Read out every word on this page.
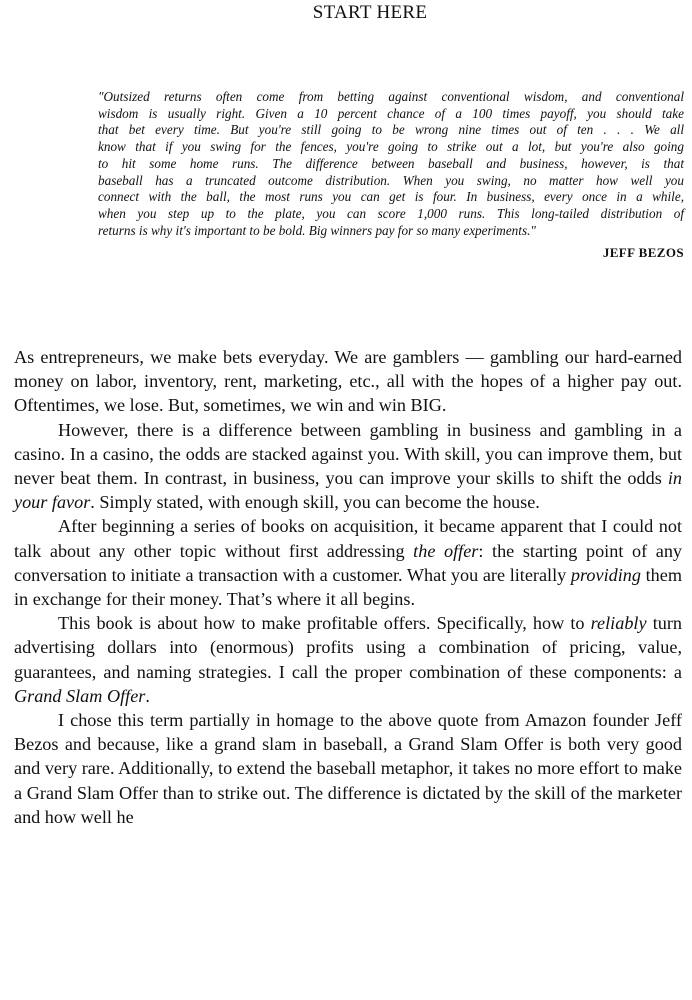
START HERE

"Outsized returns often come from betting against conventional wisdom, and conventional
wisdom is usually right. Given a 10 percent chance of a 100 times payoff, you should take
that bet every time. But you're still going to be wrong nine times out of ten . . . We all
know that if you swing for the fences, you're going to strike out a lot, but you're also going
to hit some home runs. The difference between baseball and business, however, is that
baseball has a truncated outcome distribution. When you swing, no matter how well you
connect with the ball, the most runs you can get is four. In business, every once in a while,
when you step up to the plate, you can score 1,000 runs. This long-tailed distribution of
returns is why it's important to be bold. Big winners pay for so many experiments."

JEFF BEZOS

As entrepreneurs, we make bets everyday. We are gamblers — gambling our hard-earned money on labor, inventory, rent, marketing, etc., all with the hopes of a higher pay out. Oftentimes, we lose. But, sometimes, we win and win BIG.

However, there is a difference between gambling in business and gambling in a casino. In a casino, the odds are stacked against you. With skill, you can improve them, but never beat them. In contrast, in business, you can improve your skills to shift the odds in your favor. Simply stated, with enough skill, you can become the house.

After beginning a series of books on acquisition, it became apparent that I could not talk about any other topic without first addressing the offer: the starting point of any conversation to initiate a transaction with a customer. What you are literally providing them in exchange for their money. That’s where it all begins.

This book is about how to make profitable offers. Specifically, how to reliably turn advertising dollars into (enormous) profits using a combination of pricing, value, guarantees, and naming strategies. I call the proper combination of these components: a Grand Slam Offer.

I chose this term partially in homage to the above quote from Amazon founder Jeff Bezos and because, like a grand slam in baseball, a Grand Slam Offer is both very good and very rare. Additionally, to extend the baseball metaphor, it takes no more effort to make a Grand Slam Offer than to strike out. The difference is dictated by the skill of the marketer and how well he
